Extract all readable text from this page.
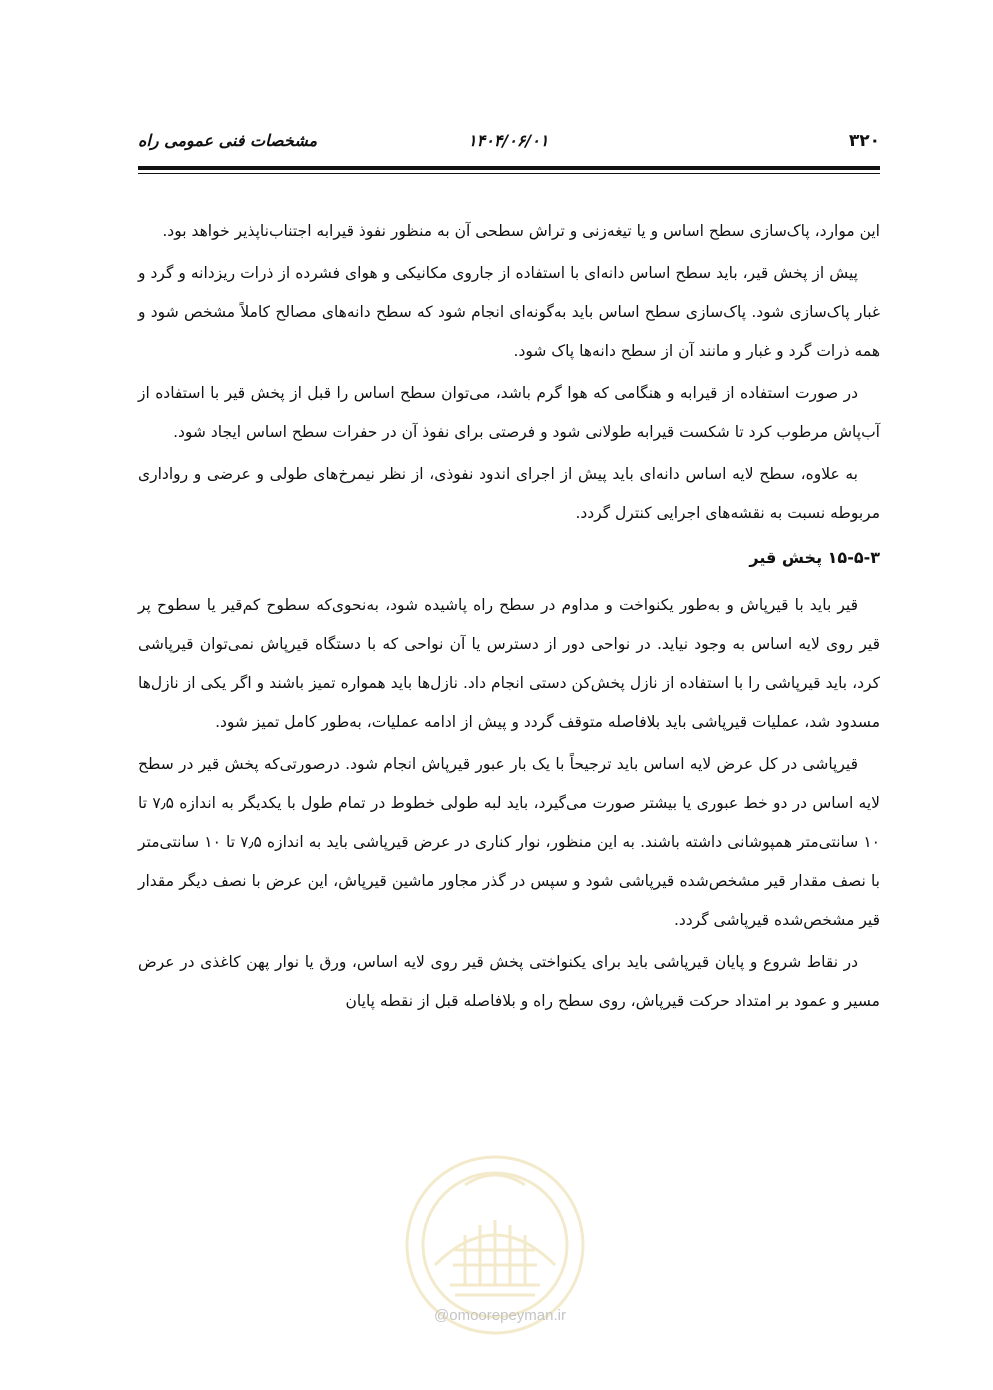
@omoorepeyman.ir
۳۲۰
۱۴۰۴/۰۶/۰۱
مشخصات فنی عمومی راه

این موارد، پاک‌سازی سطح اساس و یا تیغه‌زنی و تراش سطحی آن به منظور نفوذ قیرابه اجتناب‌ناپذیر خواهد بود.

پیش از پخش قیر، باید سطح اساس دانه‌ای با استفاده از جاروی مکانیکی و هوای فشرده از ذرات ریزدانه و گرد و غبار پاک‌سازی شود. پاک‌سازی سطح اساس باید به‌گونه‌ای انجام شود که سطح دانه‌های مصالح کاملاً مشخص شود و همه ذرات گرد و غبار و مانند آن از سطح دانه‌ها پاک شود.

در صورت استفاده از قیرابه و هنگامی که هوا گرم باشد، می‌توان سطح اساس را قبل از پخش قیر با استفاده از آب‌پاش مرطوب کرد تا شکست قیرابه طولانی شود و فرصتی برای نفوذ آن در حفرات سطح اساس ایجاد شود.

به علاوه، سطح لایه اساس دانه‌ای باید پیش از اجرای اندود نفوذی، از نظر نیمرخ‌های طولی و عرضی و رواداری مربوطه نسبت به نقشه‌های اجرایی کنترل گردد.

۱۵-۵-۳ پخش قیر

قیر باید با قیرپاش و به‌طور یکنواخت و مداوم در سطح راه پاشیده شود، به‌نحوی‌که سطوح کم‌قیر یا سطوح پر قیر روی لایه اساس به وجود نیاید. در نواحی دور از دسترس یا آن نواحی که با دستگاه قیرپاش نمی‌توان قیرپاشی کرد، باید قیرپاشی را با استفاده از نازل پخش‌کن دستی انجام داد. نازل‌ها باید همواره تمیز باشند و اگر یکی از نازل‌ها مسدود شد، عملیات قیرپاشی باید بلافاصله متوقف گردد و پیش از ادامه عملیات، به‌طور کامل تمیز شود.

قیرپاشی در کل عرض لایه اساس باید ترجیحاً با یک بار عبور قیرپاش انجام شود. درصورتی‌که پخش قیر در سطح لایه اساس در دو خط عبوری یا بیشتر صورت می‌گیرد، باید لبه طولی خطوط در تمام طول با یکدیگر به اندازه ۷٫۵ تا ۱۰ سانتی‌متر همپوشانی داشته باشند. به این منظور، نوار کناری در عرض قیرپاشی باید به اندازه ۷٫۵ تا ۱۰ سانتی‌متر با نصف مقدار قیر مشخص‌شده قیرپاشی شود و سپس در گذر مجاور ماشین قیرپاش، این عرض با نصف دیگر مقدار قیر مشخص‌شده قیرپاشی گردد.

در نقاط شروع و پایان قیرپاشی باید برای یکنواختی پخش قیر روی لایه اساس، ورق یا نوار پهن کاغذی در عرض مسیر و عمود بر امتداد حرکت قیرپاش، روی سطح راه و بلافاصله قبل از نقطه پایان
